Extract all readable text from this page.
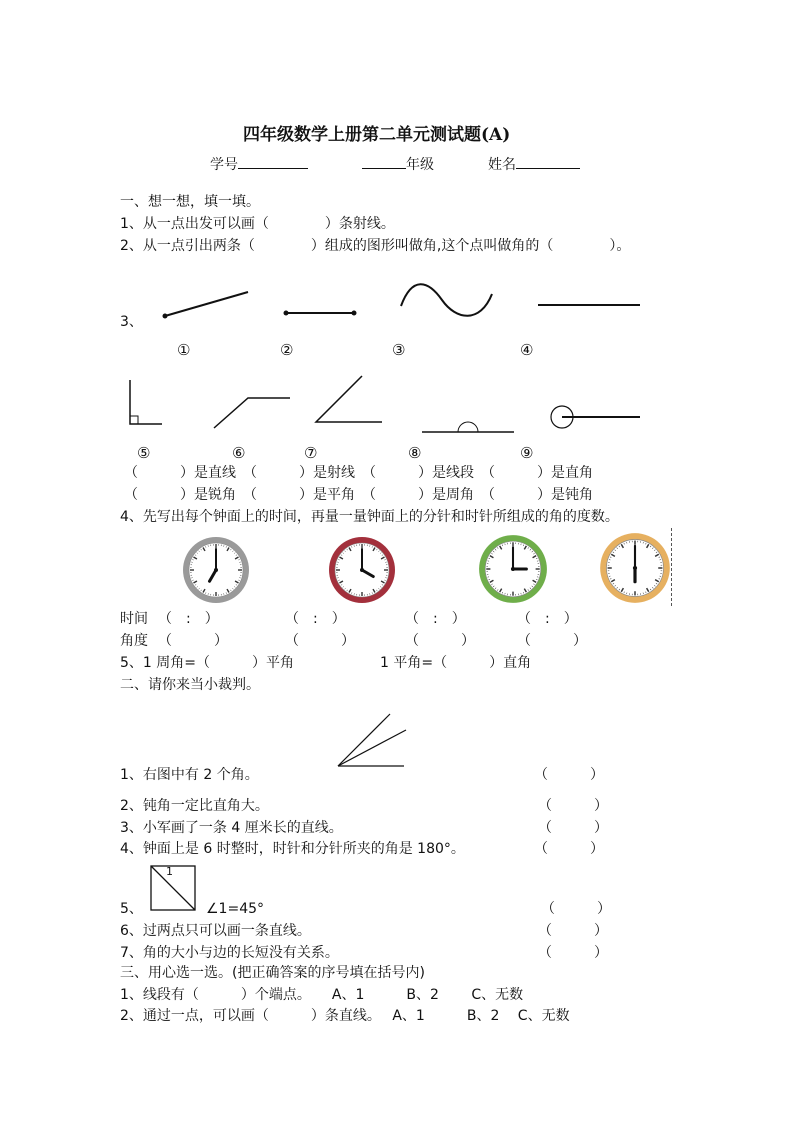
四年级数学上册第二单元测试题(A)
学号	年级	姓名
一、想一想，填一填。
1、从一点出发可以画（　　　　）条射线。
2、从一点引出两条（　　　　）组成的图形叫做角,这个点叫做角的（　　　　）。
3、
①	②	③	④
⑤	⑥	⑦	⑧	⑨
（　　　）是直线　（　　　）是射线　（　　　）是线段　（　　　）是直角
（　　　）是锐角　（　　　）是平角　（　　　）是周角　（　　　）是钝角
4、先写出每个钟面上的时间，再量一量钟面上的分针和时针所组成的角的度数。
时间 （　:　）	（　:　）	（　:　）	（　:　）
角度 （　　　）	（　　　）	（　　　）	（　　　）
5、1 周角=（　　　）平角	1 平角=（　　　）直角
二、请你来当小裁判。
1、右图中有 2 个角。	（　　　）
2、钝角一定比直角大。	（　　　）
3、小军画了一条 4 厘米长的直线。	（　　　）
4、钟面上是 6 时整时，时针和分针所夹的角是 180°。	（　　　）
5、
1
∠1=45°	（　　　）
6、过两点只可以画一条直线。	（　　　）
7、角的大小与边的长短没有关系。	（　　　）
三、用心选一选。(把正确答案的序号填在括号内)
1、线段有（　　　）个端点。　　A、1　　　B、2　　 C、无数
2、通过一点，可以画（　　　）条直线。　 A、1　　　B、2　 C、无数
